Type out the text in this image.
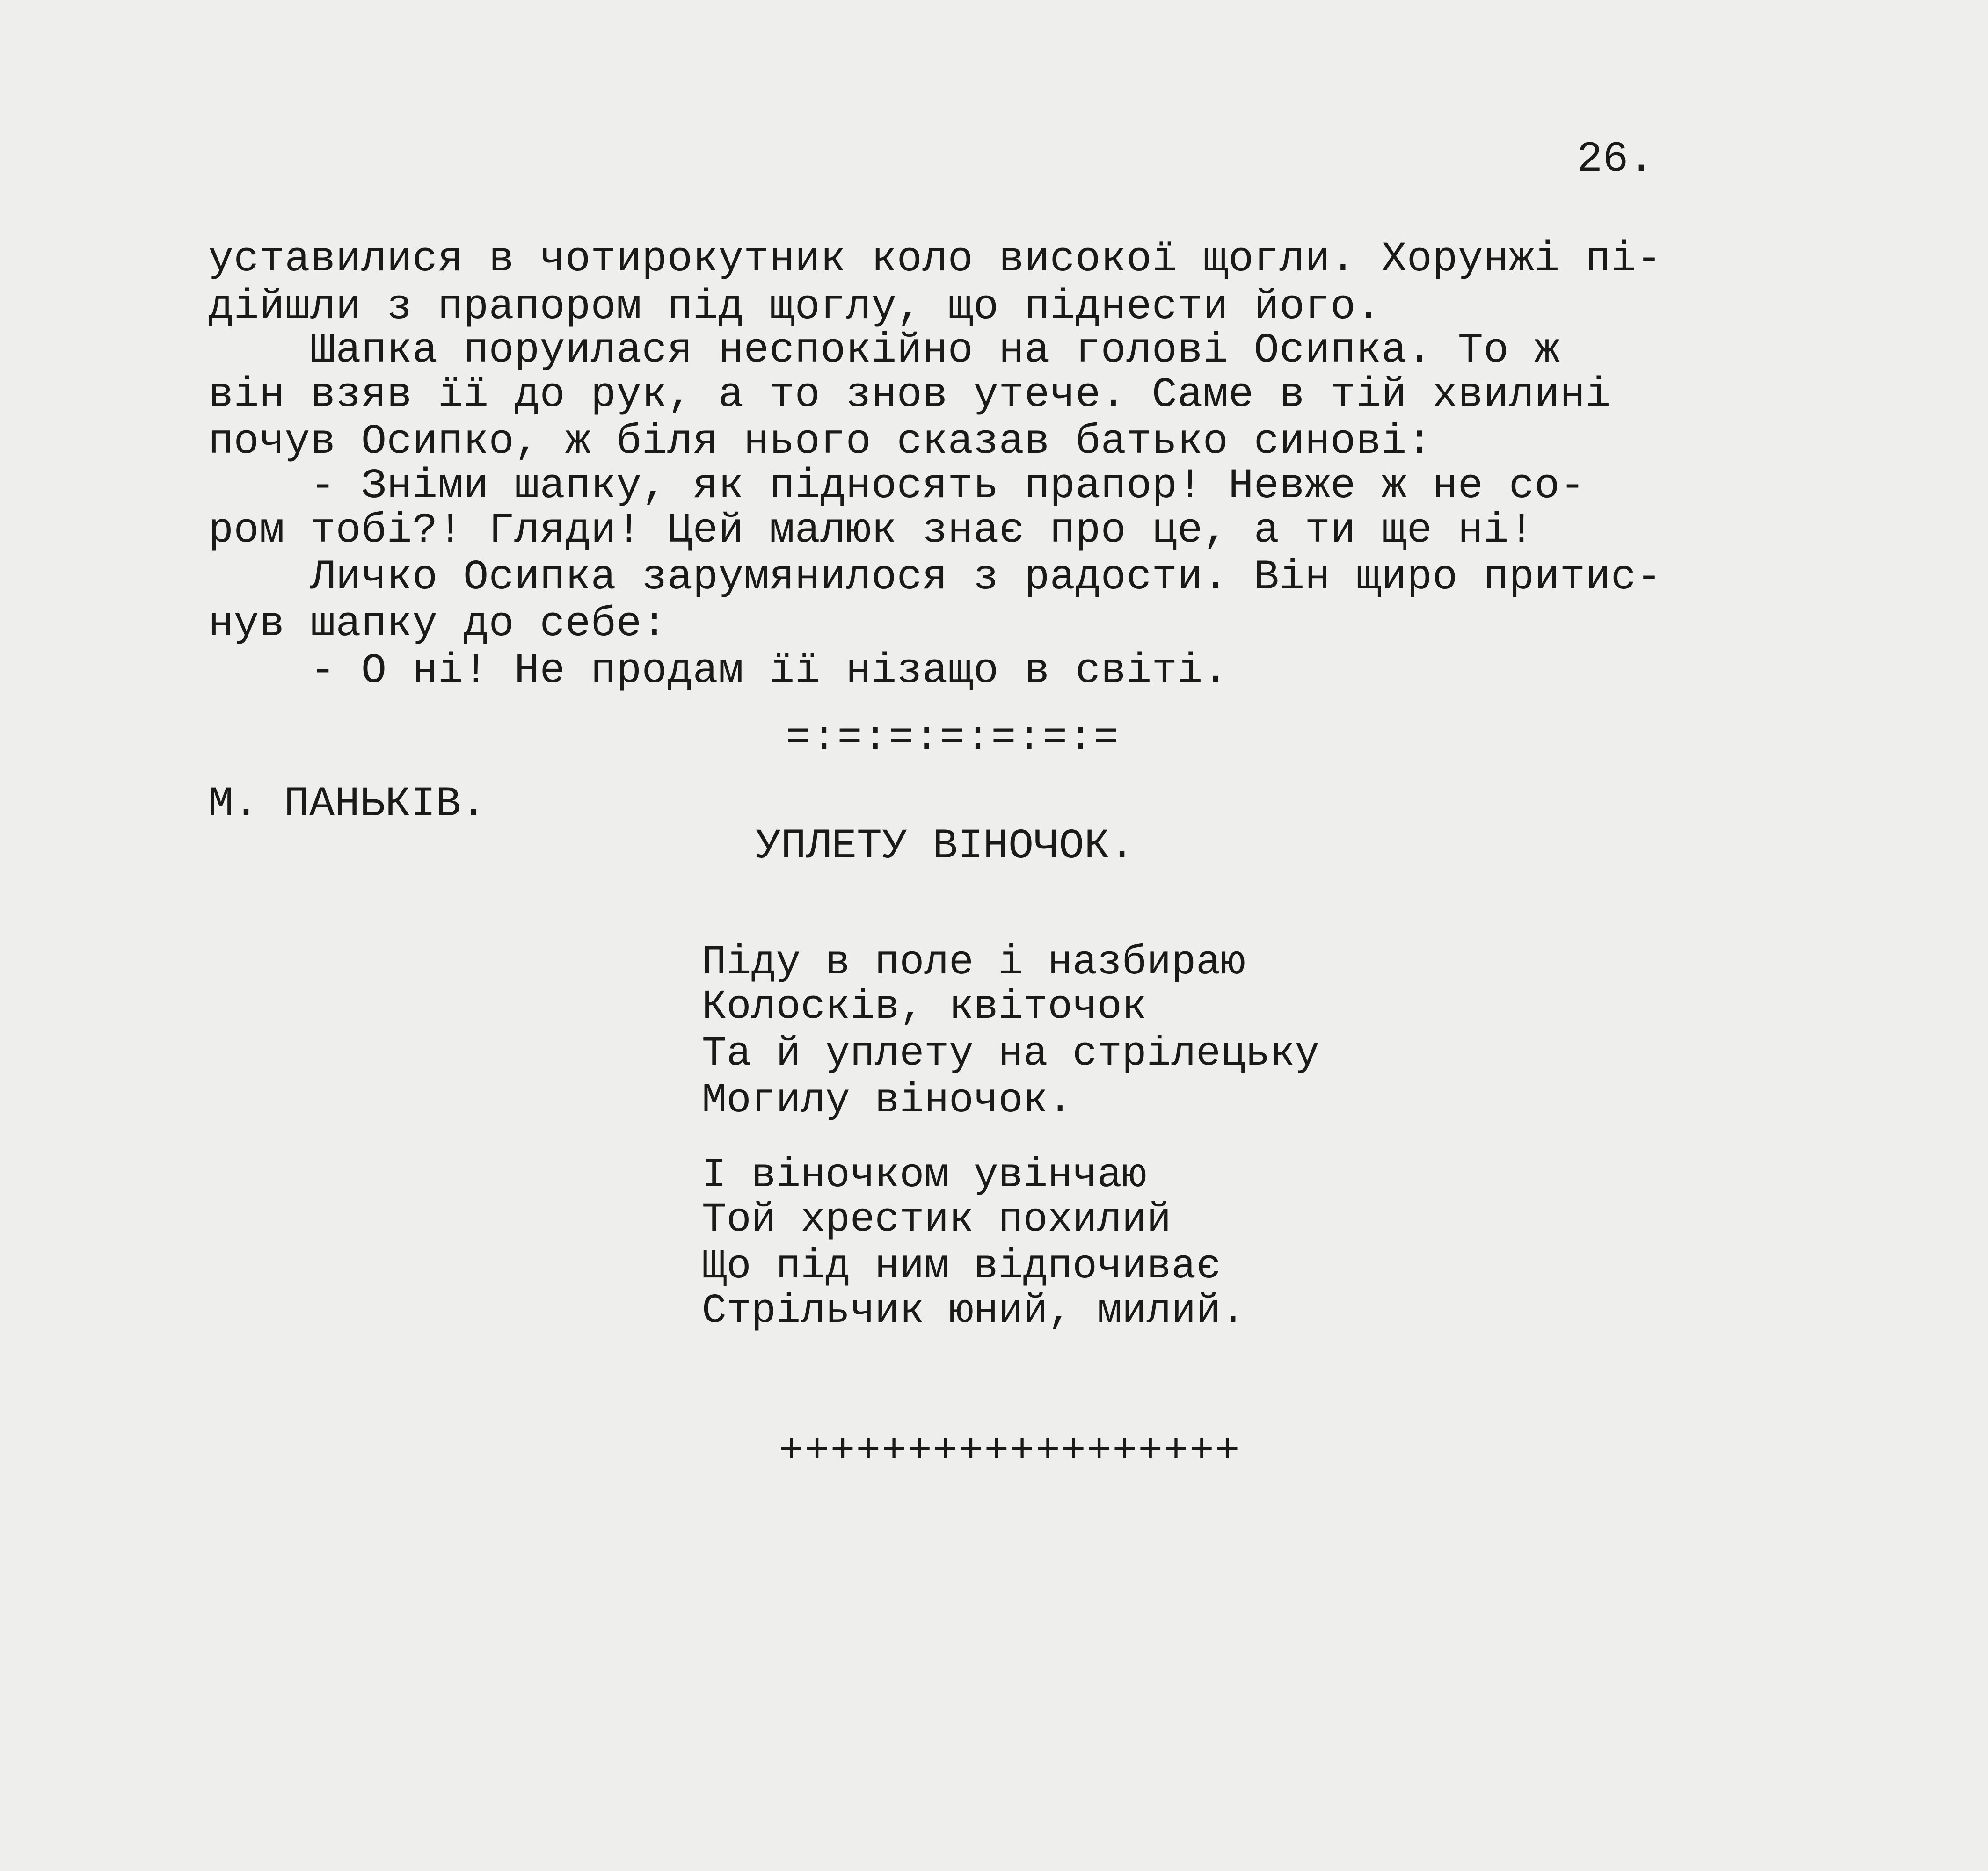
26.

уставилися в чотирокутник коло високої щогли. Хорунжі пі-

дійшли з прапором під щоглу, що піднести його.

Шапка поруилася неспокійно на голові Осипка. То ж

він взяв її до рук, а то знов утече. Саме в тій хвилині

почув Осипко, ж біля нього сказав батько синові:

- Зніми шапку, як підносять прапор! Невже ж не со-

ром тобі?! Гляди! Цей малюк знає про це, а ти ще ні!

Личко Осипка зарумянилося з радости. Він щиро притис-

нув шапку до себе:

- О ні! Не продам її нізащо в світі.

=:=:=:=:=:=:=

М. ПАНЬКІВ.

УПЛЕТУ ВІНОЧОК.

Піду в поле і назбираю

Колосків, квіточок

Та й уплету на стрілецьку

Могилу віночок.

І віночком увінчаю

Той хрестик похилий

Що під ним відпочиває

Стрільчик юний, милий.

++++++++++++++++++
